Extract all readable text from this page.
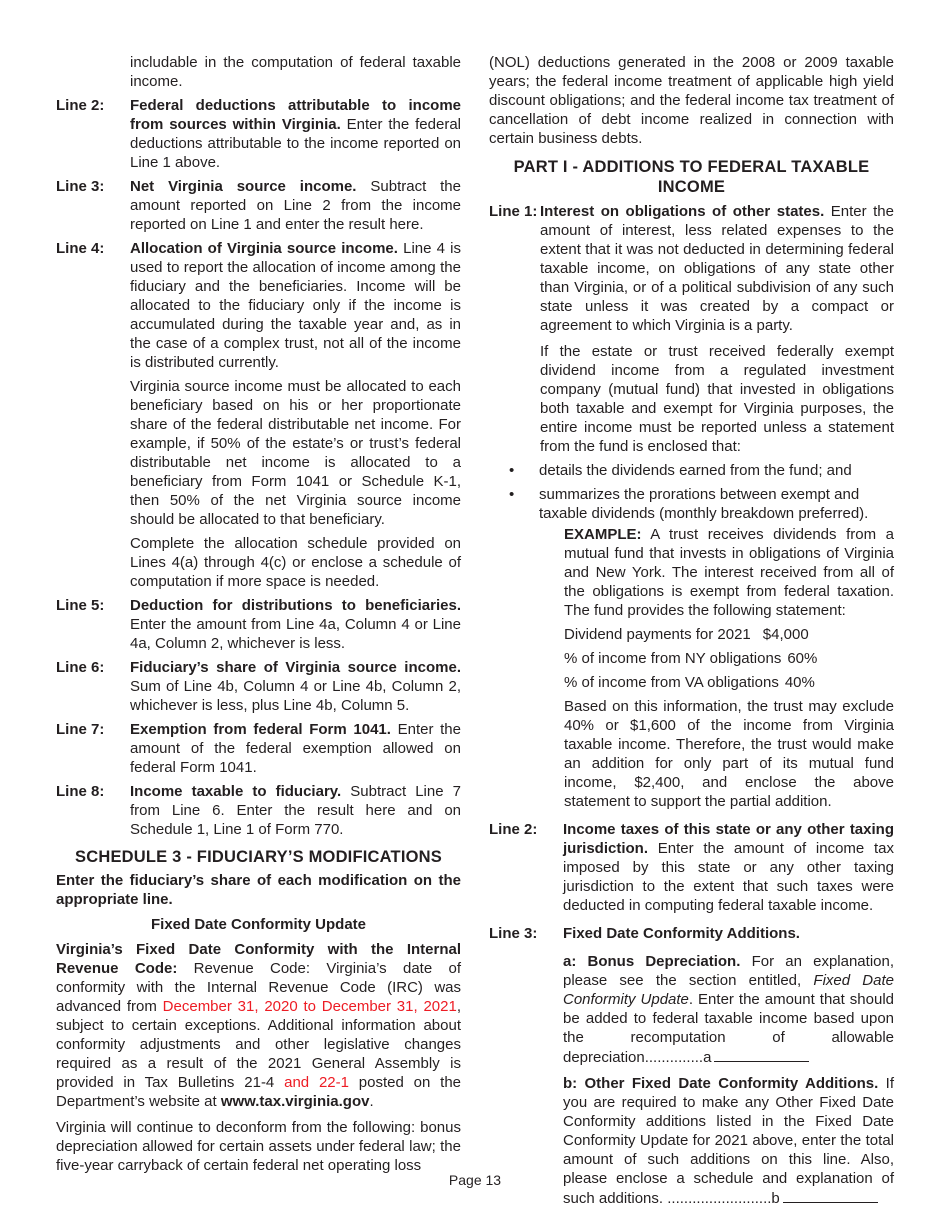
includable in the computation of federal taxable income.

Line 2:	Federal deductions attributable to income from sources within Virginia. Enter the federal deductions attributable to the income reported on Line 1 above.
Line 3:	Net Virginia source income. Subtract the amount reported on Line 2 from the income reported on Line 1 and enter the result here.
Line 4:	Allocation of Virginia source income. Line 4 is used to report the allocation of income among the fiduciary and the beneficiaries. Income will be allocated to the fiduciary only if the income is accumulated during the taxable year and, as in the case of a complex trust, not all of the income is distributed currently.

Virginia source income must be allocated to each beneficiary based on his or her proportionate share of the federal distributable net income. For example, if 50% of the estate’s or trust’s federal distributable net income is allocated to a beneficiary from Form 1041 or Schedule K-1, then 50% of the net Virginia source income should be allocated to that beneficiary.

Complete the allocation schedule provided on Lines 4(a) through 4(c) or enclose a schedule of computation if more space is needed.

Line 5:	Deduction for distributions to beneficiaries. Enter the amount from Line 4a, Column 4 or Line 4a, Column 2, whichever is less.
Line 6:	Fiduciary’s share of Virginia source income. Sum of Line 4b, Column 4 or Line 4b, Column 2, whichever is less, plus Line 4b, Column 5.
Line 7:	Exemption from federal Form 1041. Enter the amount of the federal exemption allowed on federal Form 1041.
Line 8:	Income taxable to fiduciary. Subtract Line 7 from Line 6. Enter the result here and on Schedule 1, Line 1 of Form 770.
SCHEDULE 3 - FIDUCIARY’S MODIFICATIONS

Enter the fiduciary’s share of each modification on the appropriate line.

Fixed Date Conformity Update

Virginia’s Fixed Date Conformity with the Internal Revenue Code: Revenue Code: Virginia’s date of conformity with the Internal Revenue Code (IRC) was advanced from December 31, 2020 to December 31, 2021, subject to certain exceptions. Additional information about conformity adjustments and other legislative changes required as a result of the 2021 General Assembly is provided in Tax Bulletins 21-4 and 22-1 posted on the Department’s website at www.tax.virginia.gov.

Virginia will continue to deconform from the following: bonus depreciation allowed for certain assets under federal law; the five-year carryback of certain federal net operating loss

(NOL) deductions generated in the 2008 or 2009 taxable years; the federal income treatment of applicable high yield discount obligations; and the federal income tax treatment of cancellation of debt income realized in connection with certain business debts.

PART I - ADDITIONS TO FEDERAL TAXABLE INCOME
Line 1: Interest on obligations of other states. Enter the amount of interest, less related expenses to the extent that it was not deducted in determining federal taxable income, on obligations of any state other than Virginia, or of a political subdivision of any such state unless it was created by a compact or agreement to which Virginia is a party.

If the estate or trust received federally exempt dividend income from a regulated investment company (mutual fund) that invested in obligations both taxable and exempt for Virginia purposes, the entire income must be reported unless a statement from the fund is enclosed that:

•	details the dividends earned from the fund; and
•	summarizes the prorations between exempt and taxable dividends (monthly breakdown preferred).

EXAMPLE: A trust receives dividends from a mutual fund that invests in obligations of Virginia and New York. The interest received from all of the obligations is exempt from federal taxation. The fund provides the following statement:

Dividend payments for 2021 $4,000
% of income from NY obligations 60%
% of income from VA obligations 40%

Based on this information, the trust may exclude 40% or $1,600 of the income from Virginia taxable income. Therefore, the trust would make an addition for only part of its mutual fund income, $2,400, and enclose the above statement to support the partial addition.

Line 2:	Income taxes of this state or any other taxing jurisdiction. Enter the amount of income tax imposed by this state or any other taxing jurisdiction to the extent that such taxes were deducted in computing federal taxable income.
Line 3:	Fixed Date Conformity Additions.

a: Bonus Depreciation. For an explanation, please see the section entitled, Fixed Date Conformity Update. Enter the amount that should be added to federal taxable income based upon the recomputation of allowable depreciation..............a

b: Other Fixed Date Conformity Additions. If you are required to make any Other Fixed Date Conformity additions listed in the Fixed Date Conformity Update for 2021 above, enter the total amount of such additions on this line. Also, please enclose a schedule and explanation of such additions. .........................b

Page 13
